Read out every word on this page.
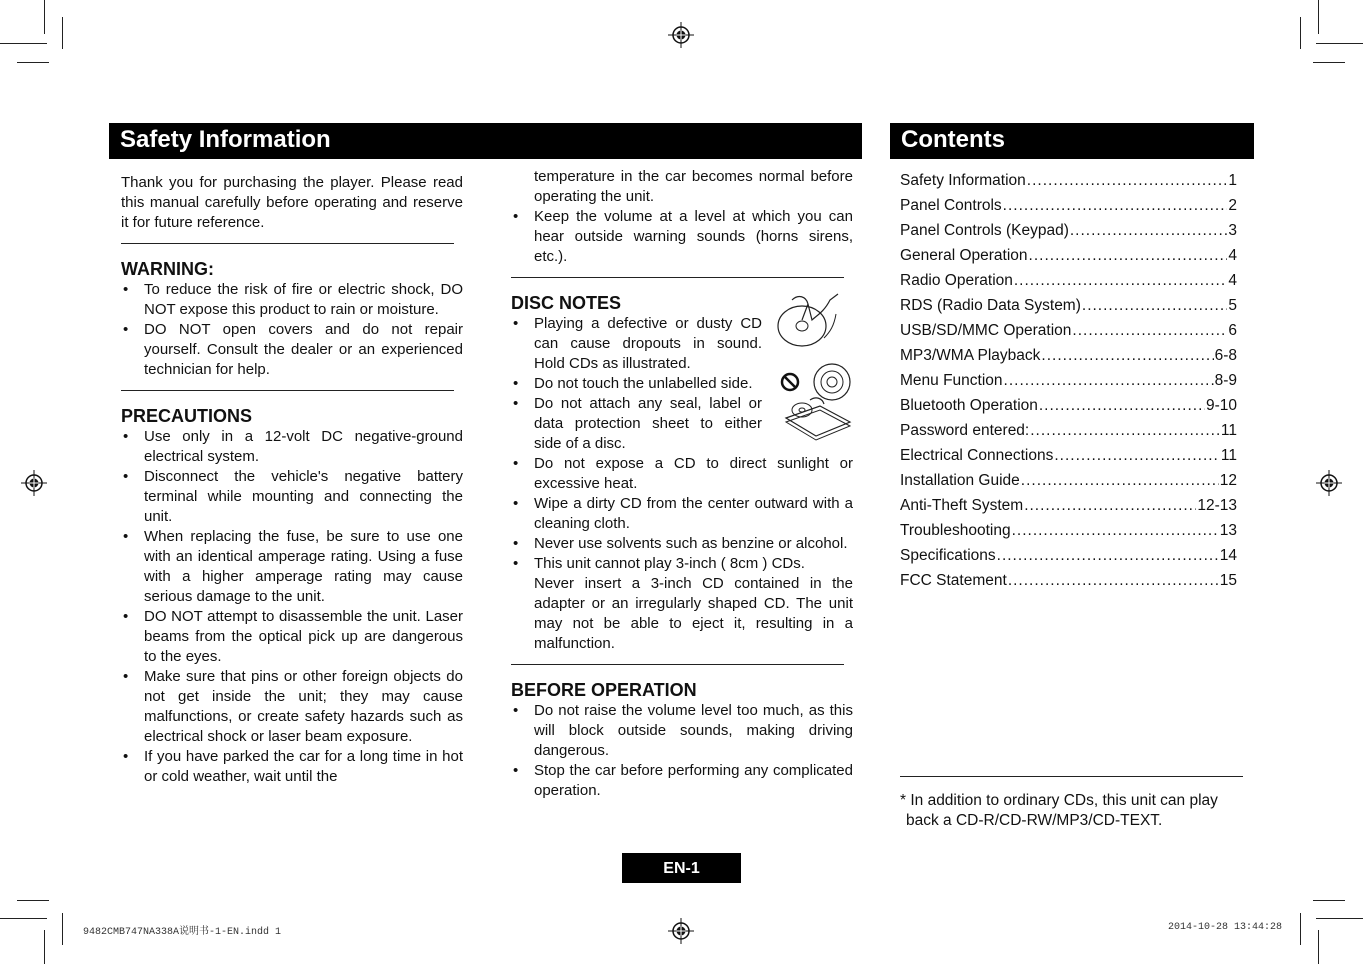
Safety Information	Contents

Thank you for purchasing the player. Please read this manual carefully before operating and reserve it for future reference.

WARNING:

• To reduce the risk of fire or electric shock, DO NOT expose this product to rain or moisture.
• DO NOT open covers and do not repair yourself. Consult the dealer or an experienced technician for help.

PRECAUTIONS

• Use only in a 12-volt DC negative-ground electrical system.
• Disconnect the vehicle's negative battery terminal while mounting and connecting the unit.
• When replacing the fuse, be sure to use one with an identical amperage rating. Using a fuse with a higher amperage rating may cause serious damage to the unit.
• DO NOT attempt to disassemble the unit. Laser beams from the optical pick up are dangerous to the eyes.
• Make sure that pins or other foreign objects do not get inside the unit; they may cause malfunctions, or create safety hazards such as electrical shock or laser beam exposure.
• If you have parked the car for a long time in hot or cold weather, wait until the

temperature in the car becomes normal before operating the unit.

• Keep the volume at a level at which you can hear outside warning sounds (horns sirens, etc.).

DISC NOTES

• Playing a defective or dusty CD can cause dropouts in sound. Hold CDs as illustrated.
• Do not touch the unlabelled side.
• Do not attach any seal, label or data protection sheet to either side of a disc.
• Do not expose a CD to direct sunlight or excessive heat.
• Wipe a dirty CD from the center outward with a cleaning cloth.
• Never use solvents such as benzine or alcohol.
• This unit cannot play 3-inch ( 8cm ) CDs.
Never insert a 3-inch CD contained in the adapter or an irregularly shaped CD. The unit may not be able to eject it, resulting in a malfunction.

BEFORE OPERATION

• Do not raise the volume level too much, as this will block outside sounds, making driving dangerous.
• Stop the car before performing any complicated operation.
Safety Information .....	1
Panel Controls .....	2
Panel Controls (Keypad) .....	3
General Operation .....	4
Radio Operation .....	4
RDS (Radio Data System) .....	5
USB/SD/MMC Operation .....	6
MP3/WMA Playback .....	6-8
Menu Function .....	8-9
Bluetooth Operation .....	9-10
Password entered: .....	11
Electrical Connections .....	11
Installation Guide .....	12
Anti-Theft System .....	12-13
Troubleshooting .....	13
Specifications .....	14
FCC Statement .....	15
* In addition to ordinary CDs, this unit can play back a CD-R/CD-RW/MP3/CD-TEXT.
EN-1
9482CMB747NA338A说明书-1-EN.indd 1	2014-10-28 13:44:28
